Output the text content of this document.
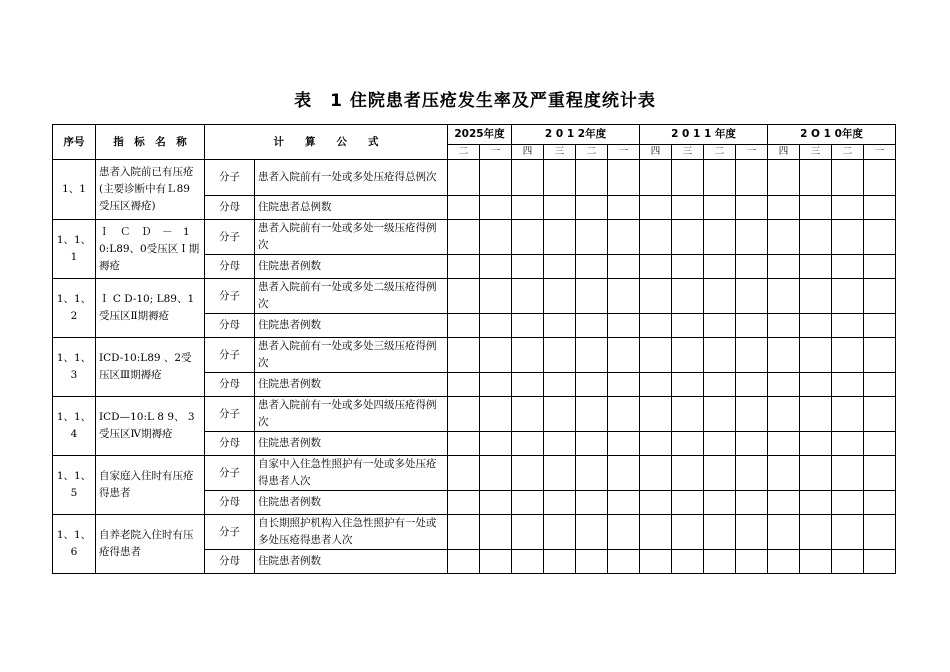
表　1 住院患者压疮发生率及严重程度统计表
序号	指　标　名　称	计　　算　　公　　式		2025年度		2 0 1 2年度				2 0 1 1 年度				2 O 1 0年度			
				二	一	四	三	二	一	四	三	二	一	四	三	二	一
1、1	患者入院前已有压疮(主要诊断中有Ｌ89　受压区褥疮)	分子	患者入院前有一处或多处压疮得总例次														
		分母	住院患者总例数														
1、1、1	Ｉ　Ｃ　Ｄ　－　1 0:L89、0受压区Ｉ期褥疮	分子	患者入院前有一处或多处一级压疮得例次														
		分母	住院患者例数														
1、1、2	Ｉ C D-10; L89、1受压区Ⅱ期褥疮	分子	患者入院前有一处或多处二级压疮得例次														
		分母	住院患者例数														
1、1、3	ICD-10:L89 、2受压区Ⅲ期褥疮	分子	患者入院前有一处或多处三级压疮得例次														
		分母	住院患者例数														
1、1、4	ICD—10:L 8 9、 3受压区Ⅳ期褥疮	分子	患者入院前有一处或多处四级压疮得例次														
		分母	住院患者例数														
1、1、5	自家庭入住时有压疮得患者	分子	自家中入住急性照护有一处或多处压疮得患者人次														
		分母	住院患者例数														
1、1、6	自养老院入住时有压疮得患者	分子	自长期照护机构入住急性照护有一处或多处压疮得患者人次														
		分母	住院患者例数														
